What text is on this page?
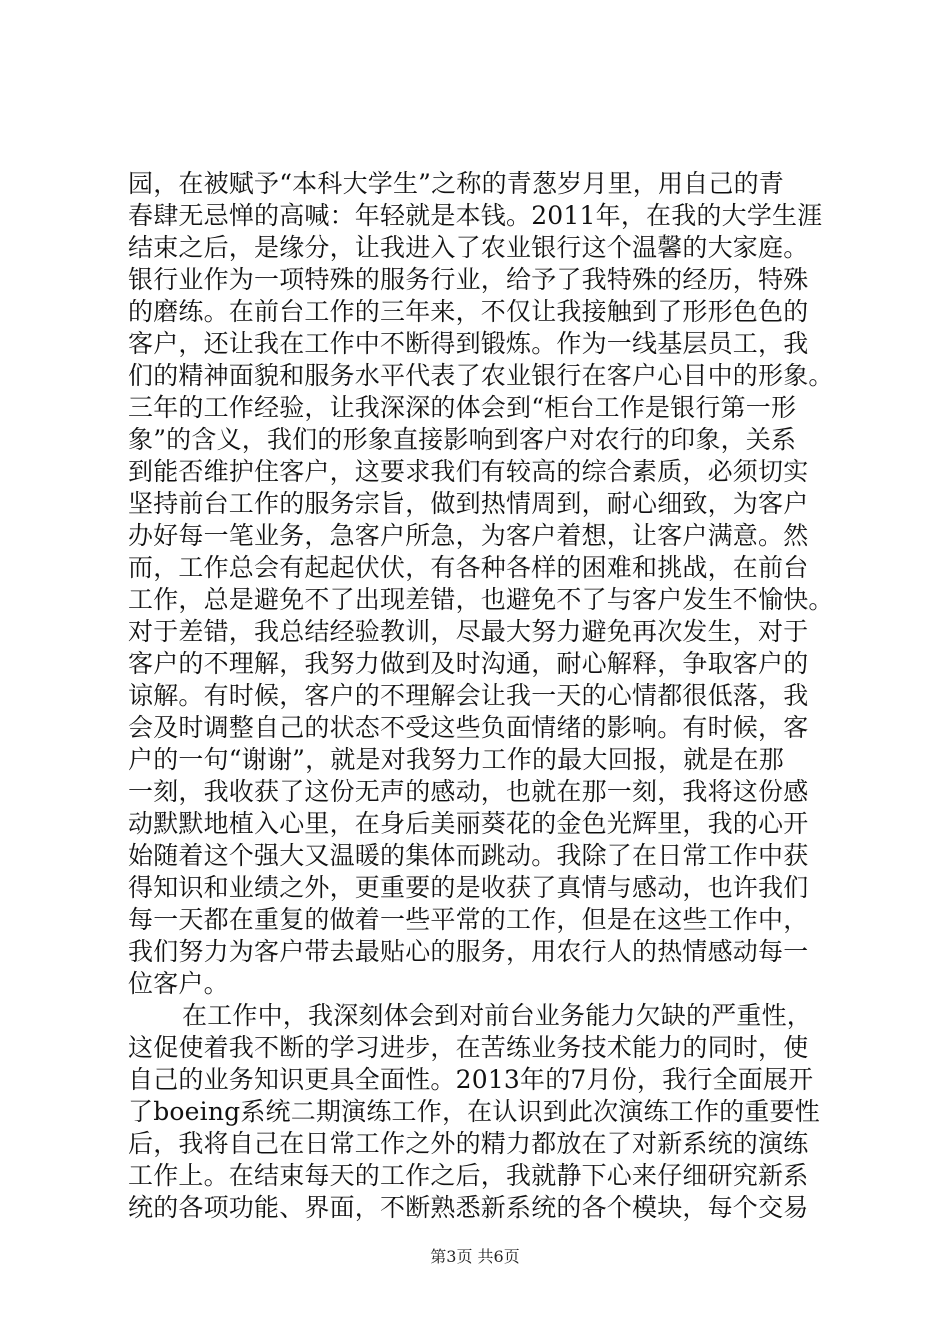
园，在被赋予“本科大学生”之称的青葱岁月里，用自己的青
春肆无忌惮的高喊：年轻就是本钱。2011年，在我的大学生涯
结束之后，是缘分，让我进入了农业银行这个温馨的大家庭。
银行业作为一项特殊的服务行业，给予了我特殊的经历，特殊
的磨练。在前台工作的三年来，不仅让我接触到了形形色色的
客户，还让我在工作中不断得到锻炼。作为一线基层员工，我
们的精神面貌和服务水平代表了农业银行在客户心目中的形象。
三年的工作经验，让我深深的体会到“柜台工作是银行第一形
象”的含义，我们的形象直接影响到客户对农行的印象，关系
到能否维护住客户，这要求我们有较高的综合素质，必须切实
坚持前台工作的服务宗旨，做到热情周到，耐心细致，为客户
办好每一笔业务，急客户所急，为客户着想，让客户满意。然
而，工作总会有起起伏伏，有各种各样的困难和挑战，在前台
工作，总是避免不了出现差错，也避免不了与客户发生不愉快。
对于差错，我总结经验教训，尽最大努力避免再次发生，对于
客户的不理解，我努力做到及时沟通，耐心解释，争取客户的
谅解。有时候，客户的不理解会让我一天的心情都很低落，我
会及时调整自己的状态不受这些负面情绪的影响。有时候，客
户的一句“谢谢”，就是对我努力工作的最大回报，就是在那
一刻，我收获了这份无声的感动，也就在那一刻，我将这份感
动默默地植入心里，在身后美丽葵花的金色光辉里，我的心开
始随着这个强大又温暖的集体而跳动。我除了在日常工作中获
得知识和业绩之外，更重要的是收获了真情与感动，也许我们
每一天都在重复的做着一些平常的工作，但是在这些工作中，
我们努力为客户带去最贴心的服务，用农行人的热情感动每一
位客户。
在工作中，我深刻体会到对前台业务能力欠缺的严重性，
这促使着我不断的学习进步，在苦练业务技术能力的同时，使
自己的业务知识更具全面性。2013年的7月份，我行全面展开
了boeing系统二期演练工作，在认识到此次演练工作的重要性
后，我将自己在日常工作之外的精力都放在了对新系统的演练
工作上。在结束每天的工作之后，我就静下心来仔细研究新系
统的各项功能、界面，不断熟悉新系统的各个模块，每个交易
第3页 共6页
